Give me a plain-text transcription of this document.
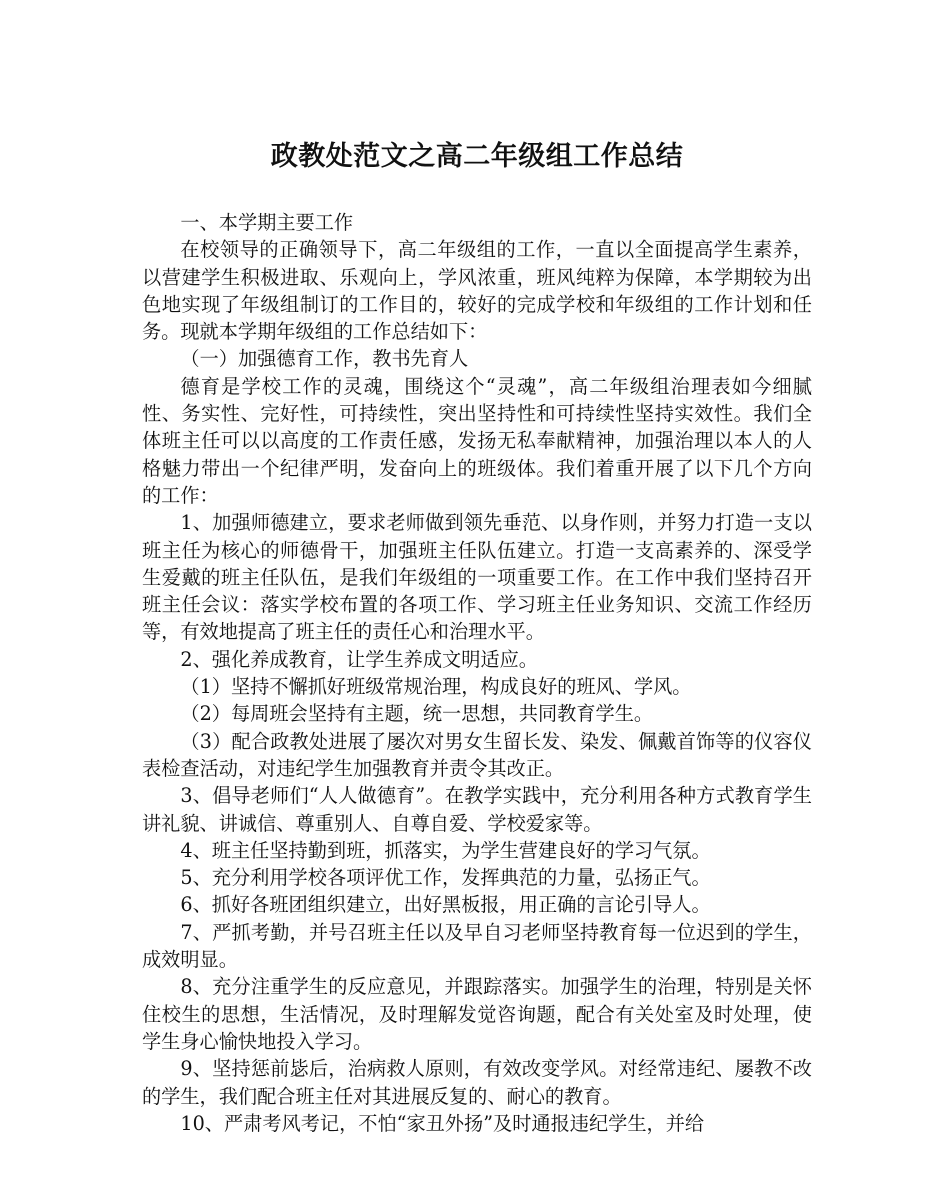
政教处范文之高二年级组工作总结

一、本学期主要工作

在校领导的正确领导下，高二年级组的工作，一直以全面提高学生素养，以营建学生积极进取、乐观向上，学风浓重，班风纯粹为保障，本学期较为出色地实现了年级组制订的工作目的，较好的完成学校和年级组的工作计划和任务。现就本学期年级组的工作总结如下：

（一）加强德育工作，教书先育人

德育是学校工作的灵魂，围绕这个“灵魂”，高二年级组治理表如今细腻性、务实性、完好性，可持续性，突出坚持性和可持续性坚持实效性。我们全体班主任可以以高度的工作责任感，发扬无私奉献精神，加强治理以本人的人格魅力带出一个纪律严明，发奋向上的班级体。我们着重开展了以下几个方向的工作：

1、加强师德建立，要求老师做到领先垂范、以身作则，并努力打造一支以班主任为核心的师德骨干，加强班主任队伍建立。打造一支高素养的、深受学生爱戴的班主任队伍，是我们年级组的一项重要工作。在工作中我们坚持召开班主任会议：落实学校布置的各项工作、学习班主任业务知识、交流工作经历等，有效地提高了班主任的责任心和治理水平。

2、强化养成教育，让学生养成文明适应。

（1）坚持不懈抓好班级常规治理，构成良好的班风、学风。

（2）每周班会坚持有主题，统一思想，共同教育学生。

（3）配合政教处进展了屡次对男女生留长发、染发、佩戴首饰等的仪容仪表检查活动，对违纪学生加强教育并责令其改正。

3、倡导老师们“人人做德育”。在教学实践中，充分利用各种方式教育学生讲礼貌、讲诚信、尊重别人、自尊自爱、学校爱家等。

4、班主任坚持勤到班，抓落实，为学生营建良好的学习气氛。

5、充分利用学校各项评优工作，发挥典范的力量，弘扬正气。

6、抓好各班团组织建立，出好黑板报，用正确的言论引导人。

7、严抓考勤，并号召班主任以及早自习老师坚持教育每一位迟到的学生，成效明显。

8、充分注重学生的反应意见，并跟踪落实。加强学生的治理，特别是关怀住校生的思想，生活情况，及时理解发觉咨询题，配合有关处室及时处理，使学生身心愉快地投入学习。

9、坚持惩前毖后，治病救人原则，有效改变学风。对经常违纪、屡教不改的学生，我们配合班主任对其进展反复的、耐心的教育。

10、严肃考风考记，不怕“家丑外扬”及时通报违纪学生，并给
